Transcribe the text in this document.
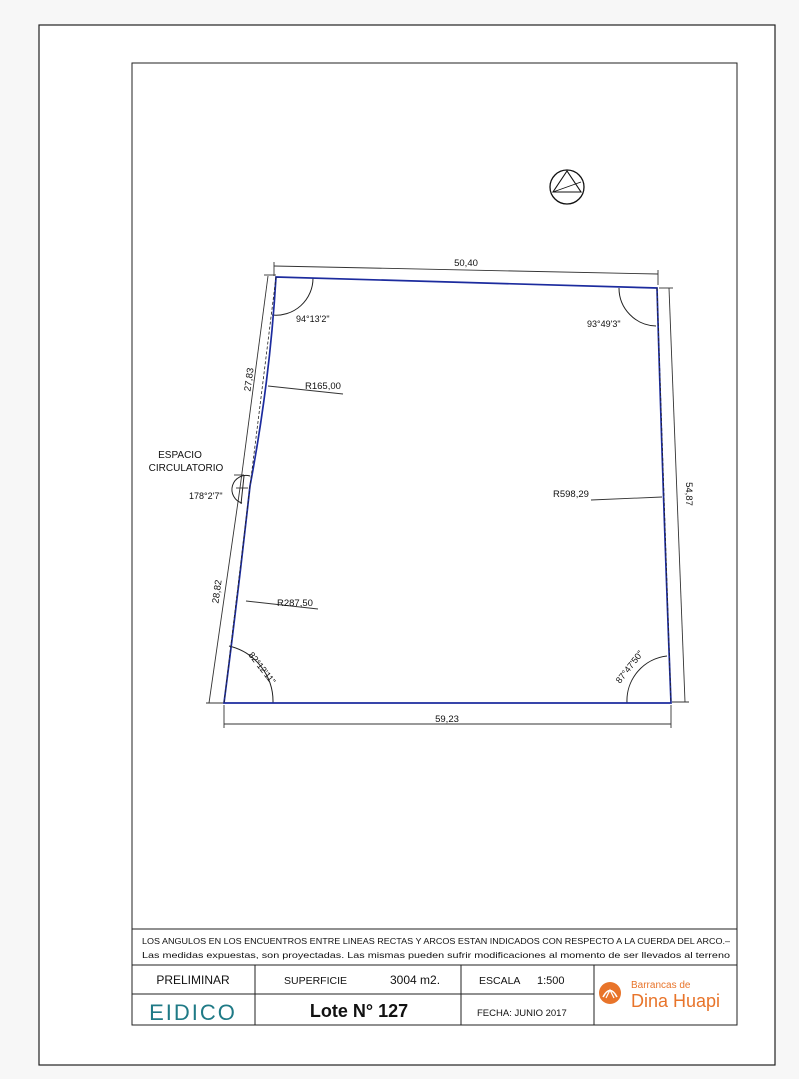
50,40
59,23
54,87
27,83
28,82
R165,00
R287,50
R598,29
94°13'2"	93°49'3"
178°2'7"
82°12'11"	87°47'50"
ESPACIO
CIRCULATORIO
LOS ANGULOS EN LOS ENCUENTROS ENTRE LINEAS RECTAS Y ARCOS ESTAN INDICADOS CON RESPECTO A LA CUERDA DEL ARCO.–
Las medidas expuestas, son proyectadas. Las mismas pueden sufrir modificaciones al momento de ser llevados al terreno
PRELIMINAR	SUPERFICIE	3004 m2.	ESCALA 1:500
EIDICO	Lote N° 127	FECHA: JUNIO 2017
Barrancas de
Dina Huapi
